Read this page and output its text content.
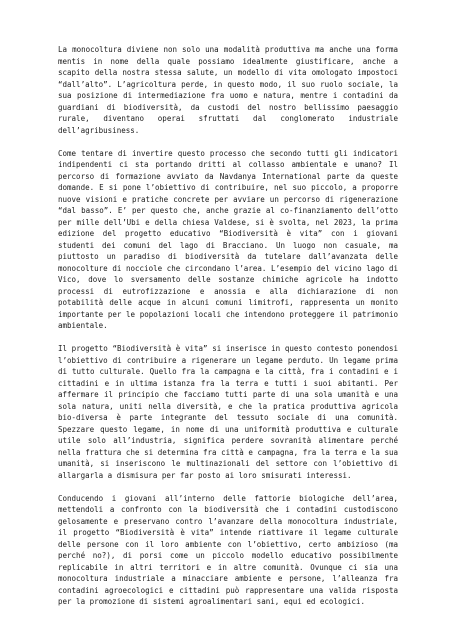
La monocoltura diviene non solo una modalità produttiva ma anche una forma mentis in nome della quale possiamo idealmente giustificare, anche a scapito della nostra stessa salute, un modello di vita omologato impostoci “dall’alto”. L’agricoltura perde, in questo modo, il suo ruolo sociale, la sua posizione di intermediazione fra uomo e natura, mentre i contadini da guardiani di biodiversità, da custodi del nostro bellissimo paesaggio rurale, diventano operai sfruttati dal conglomerato industriale dell’agribusiness.

Come tentare di invertire questo processo che secondo tutti gli indicatori indipendenti ci sta portando dritti al collasso ambientale e umano? Il percorso di formazione avviato da Navdanya International parte da queste domande. E si pone l’obiettivo di contribuire, nel suo piccolo, a proporre nuove visioni e pratiche concrete per avviare un percorso di rigenerazione “dal basso”. E’ per questo che, anche grazie al co-finanziamento dell’otto per mille dell’Ubi e della chiesa Valdese, si è svolta, nel 2023, la prima edizione del progetto educativo “Biodiversità è vita” con i giovani studenti dei comuni del lago di Bracciano. Un luogo non casuale, ma piuttosto un paradiso di biodiversità da tutelare dall’avanzata delle monocolture di nocciole che circondano l’area. L’esempio del vicino lago di Vico, dove lo sversamento delle sostanze chimiche agricole ha indotto processi di eutrofizzazione e anossia e alla dichiarazione di non potabilità delle acque in alcuni comuni limitrofi, rappresenta un monito importante per le popolazioni locali che intendono proteggere il patrimonio ambientale.

Il progetto “Biodiversità è vita” si inserisce in questo contesto ponendosi l’obiettivo di contribuire a rigenerare un legame perduto. Un legame prima di tutto culturale. Quello fra la campagna e la città, fra i contadini e i cittadini e in ultima istanza fra la terra e tutti i suoi abitanti. Per affermare il principio che facciamo tutti parte di una sola umanità e una sola natura, uniti nella diversità, e che la pratica produttiva agricola bio-diversa è parte integrante del tessuto sociale di una comunità. Spezzare questo legame, in nome di una uniformità produttiva e culturale utile solo all’industria, significa perdere sovranità alimentare perché nella frattura che si determina fra città e campagna, fra la terra e la sua umanità, si inseriscono le multinazionali del settore con l’obiettivo di allargarla a dismisura per far posto ai loro smisurati interessi.

Conducendo i giovani all’interno delle fattorie biologiche dell’area, mettendoli a confronto con la biodiversità che i contadini custodiscono gelosamente e preservano contro l’avanzare della monocoltura industriale, il progetto “Biodiversità è vita” intende riattivare il legame culturale delle persone con il loro ambiente con l’obiettivo, certo ambizioso (ma perché no?), di porsi come un piccolo modello educativo possibilmente replicabile in altri territori e in altre comunità. Ovunque ci sia una monocoltura industriale a minacciare ambiente e persone, l’alleanza fra contadini agroecologici e cittadini può rappresentare una valida risposta per la promozione di sistemi agroalimentari sani, equi ed ecologici.
